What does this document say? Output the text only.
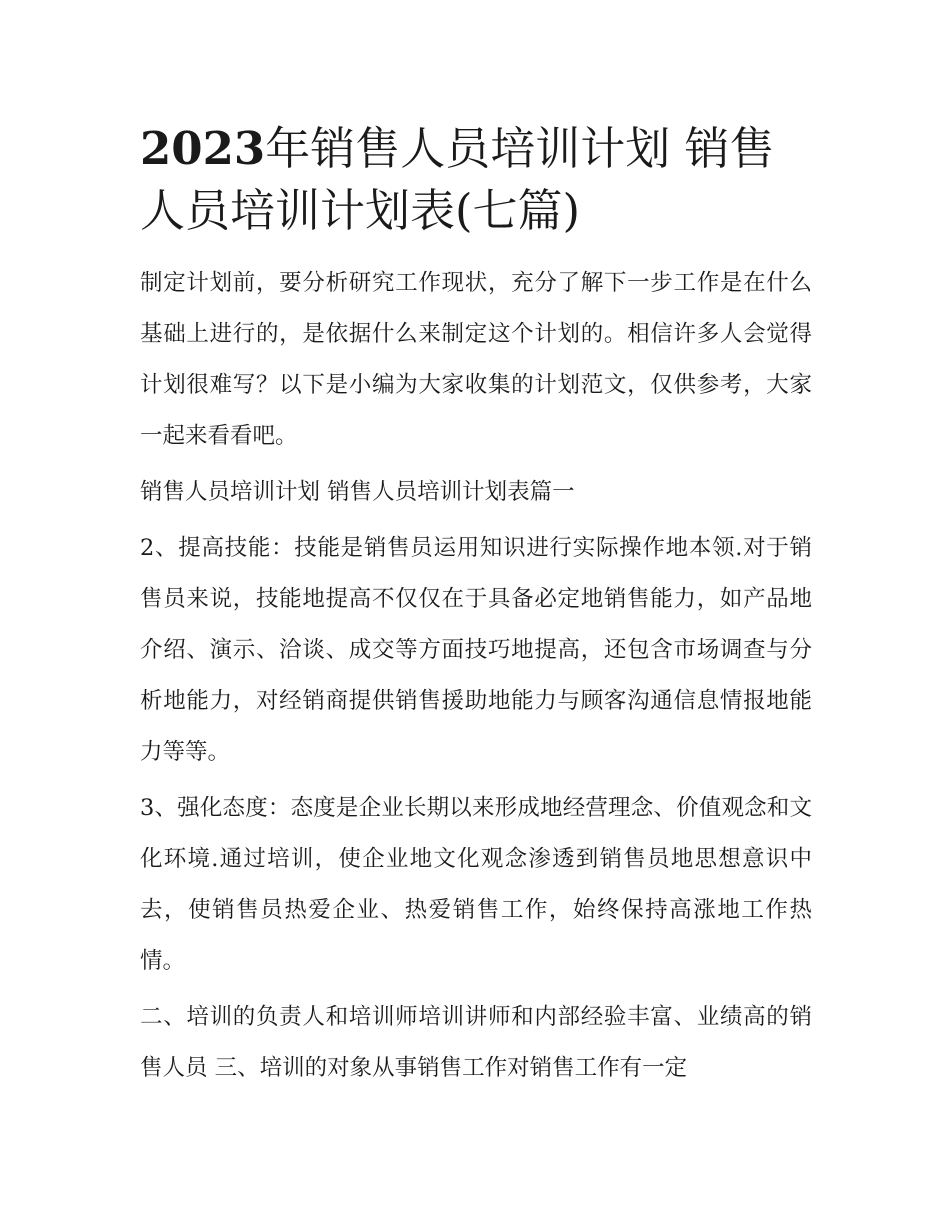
2023年销售人员培训计划 销售人员培训计划表(七篇)

制定计划前，要分析研究工作现状，充分了解下一步工作是在什么基础上进行的，是依据什么来制定这个计划的。相信许多人会觉得计划很难写？以下是小编为大家收集的计划范文，仅供参考，大家一起来看看吧。

销售人员培训计划 销售人员培训计划表篇一

2、提高技能：技能是销售员运用知识进行实际操作地本领.对于销售员来说，技能地提高不仅仅在于具备必定地销售能力，如产品地介绍、演示、洽谈、成交等方面技巧地提高，还包含市场调查与分析地能力，对经销商提供销售援助地能力与顾客沟通信息情报地能力等等。

3、强化态度：态度是企业长期以来形成地经营理念、价值观念和文化环境.通过培训，使企业地文化观念渗透到销售员地思想意识中去，使销售员热爱企业、热爱销售工作，始终保持高涨地工作热情。

二、培训的负责人和培训师培训讲师和内部经验丰富、业绩高的销售人员 三、培训的对象从事销售工作对销售工作有一定
